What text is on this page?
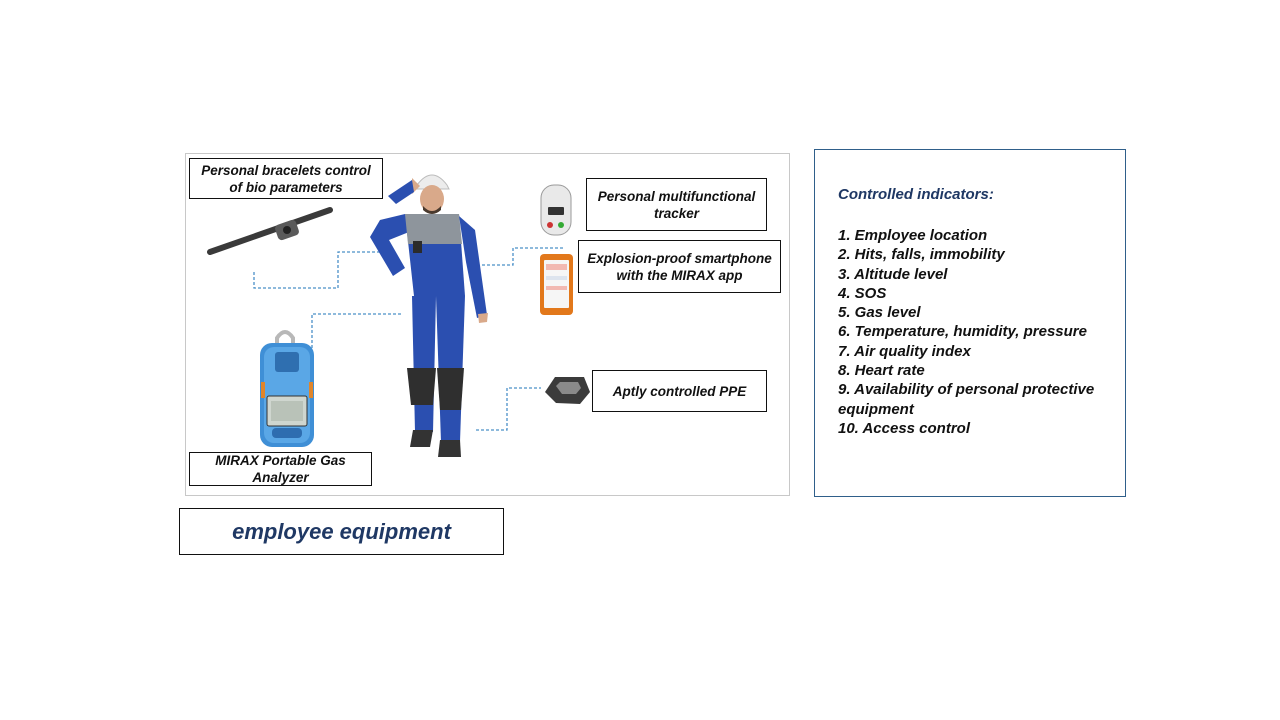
Personal bracelets control of bio parameters
Personal multifunctional tracker
Explosion-proof smartphone with the MIRAX app
Aptly controlled PPE
MIRAX Portable Gas Analyzer
Controlled indicators:
1. Employee location
2. Hits, falls, immobility
3. Altitude level
4. SOS
5. Gas level
6. Temperature, humidity, pressure
7. Air quality index
8. Heart rate
9. Availability of personal protective equipment
10. Access control
employee equipment
